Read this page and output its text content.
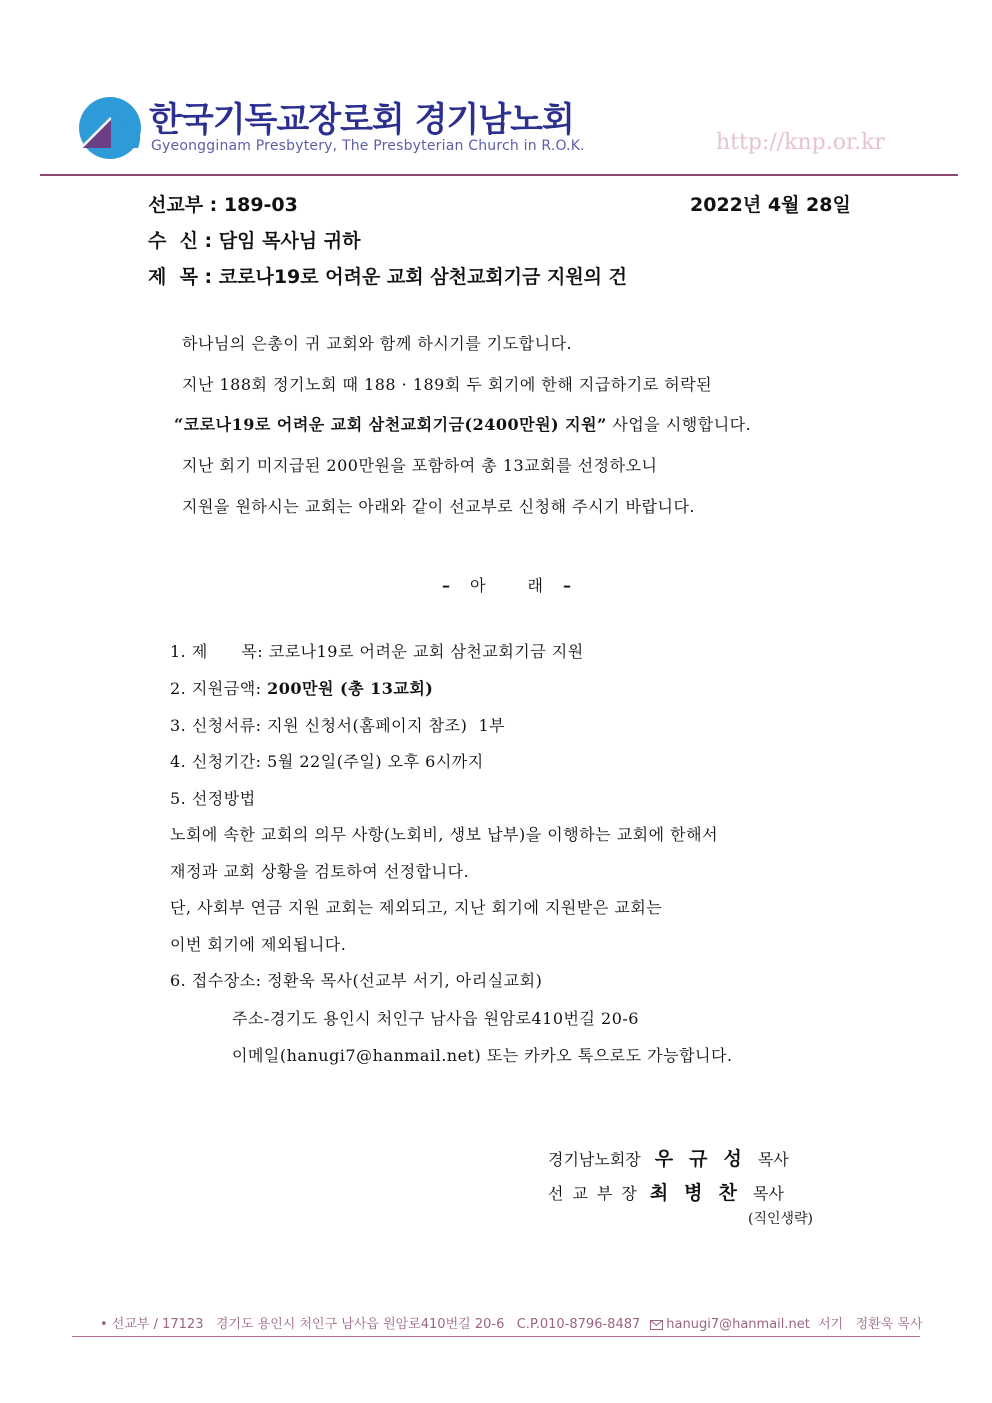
한국기독교장로회 경기남노회
Gyeongginam Presbytery, The Presbyterian Church in R.O.K.	http://knp.or.kr
선교부 : 189-03	2022년 4월 28일
수  신 : 담임 목사님 귀하
제  목 : 코로나19로 어려운 교회 삼천교회기금 지원의 건
하나님의 은총이 귀 교회와 함께 하시기를 기도합니다.
지난 188회 정기노회 때 188 · 189회 두 회기에 한해 지급하기로 허락된
“코로나19로 어려운 교회 삼천교회기금(2400만원) 지원” 사업을 시행합니다.
지난 회기 미지급된 200만원을 포함하여 총 13교회를 선정하오니
지원을 원하시는 교회는 아래와 같이 선교부로 신청해 주시기 바랍니다.
– 아	래 –
1. 제      목: 코로나19로 어려운 교회 삼천교회기금 지원
2. 지원금액: 200만원 (총 13교회)
3. 신청서류: 지원 신청서(홈페이지 참조)  1부
4. 신청기간: 5월 22일(주일) 오후 6시까지
5. 선정방법
노회에 속한 교회의 의무 사항(노회비, 생보 납부)을 이행하는 교회에 한해서
재정과 교회 상황을 검토하여 선정합니다.
단, 사회부 연금 지원 교회는 제외되고, 지난 회기에 지원받은 교회는
이번 회기에 제외됩니다.
6. 접수장소: 정환욱 목사(선교부 서기, 아리실교회)
주소-경기도 용인시 처인구 남사읍 원암로410번길 20-6
이메일(hanugi7@hanmail.net) 또는 카카오 톡으로도 가능합니다.
경기남노회장 우규성목사
선교부장 최병찬목사
(직인생략)
• 선교부 / 17123   경기도 용인시 처인구 남사읍 원암로410번길 20-6   C.P.010-8796-8487 hanugi7@hanmail.net  서기   정환욱 목사
